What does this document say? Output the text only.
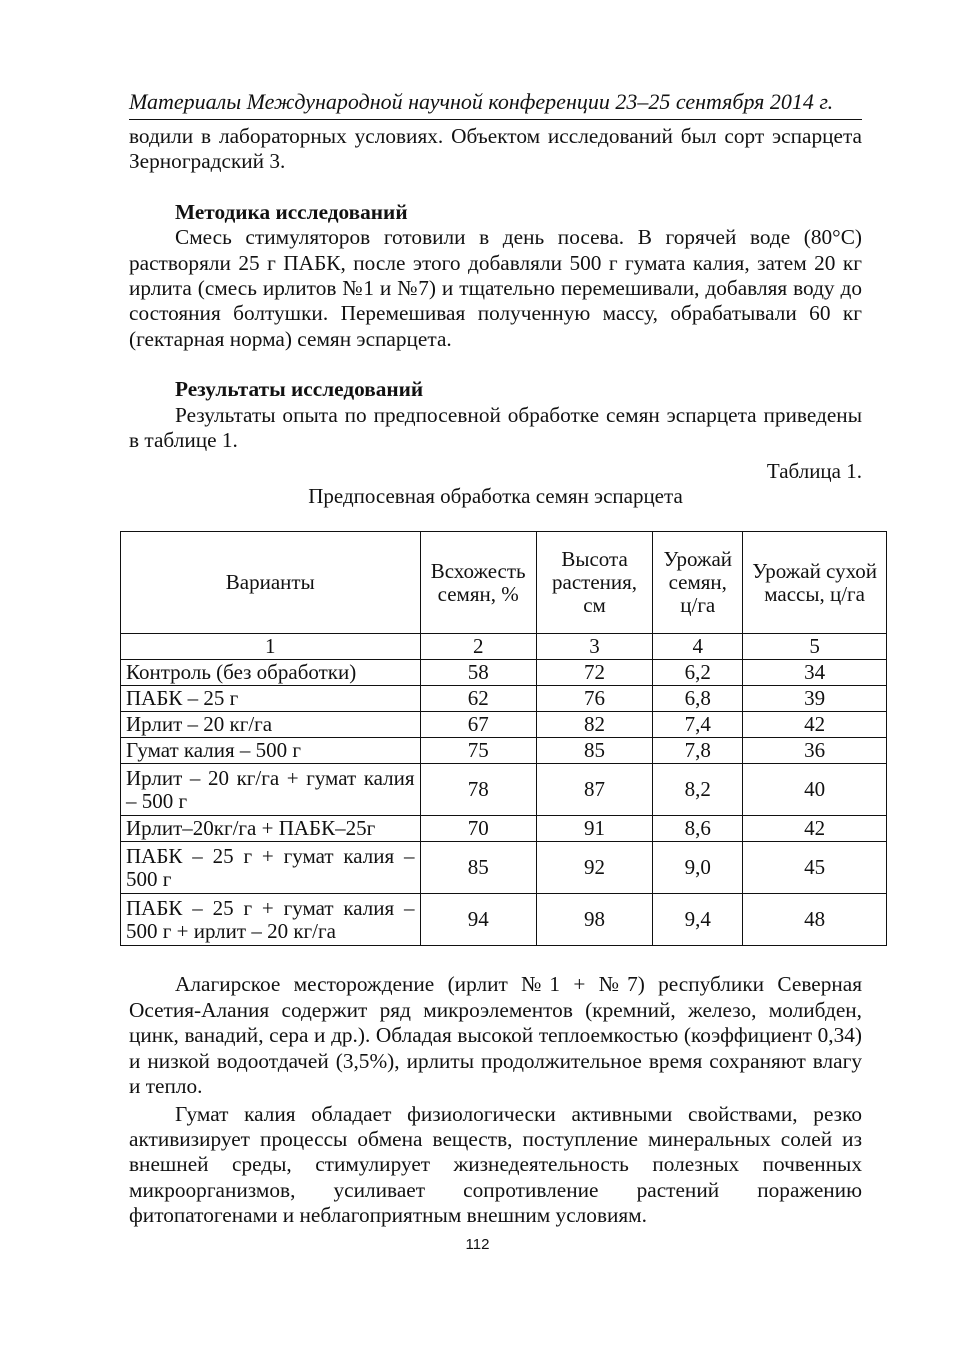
Материалы Международной научной конференции 23–25 сентября 2014 г.

водили в лабораторных условиях. Объектом исследований был сорт эспарцета Зерноградский 3.

Методика исследований

Смесь стимуляторов готовили в день посева. В горячей воде (80°С) растворяли 25 г ПАБК, после этого добавляли 500 г гумата калия, затем 20 кг ирлита (смесь ирлитов №1 и №7) и тщательно перемешивали, добавляя воду до состояния болтушки. Перемешивая полученную массу, обрабатывали 60 кг (гектарная норма) семян эспарцета.

Результаты исследований

Результаты опыта по предпосевной обработке семян эспарцета приведены в таблице 1.

Таблица 1.

Предпосевная обработка семян эспарцета

Варианты	Всхожесть семян, %	Высота растения, см	Урожай семян, ц/га	Урожай сухой массы, ц/га
1	2	3	4	5
Контроль (без обработки)	58	72	6,2	34
ПАБК – 25 г	62	76	6,8	39
Ирлит – 20 кг/га	67	82	7,4	42
Гумат калия – 500 г	75	85	7,8	36
Ирлит – 20 кг/га + гумат калия – 500 г	78	87	8,2	40
Ирлит–20кг/га + ПАБК–25г	70	91	8,6	42
ПАБК – 25 г + гумат калия – 500 г	85	92	9,0	45
ПАБК – 25 г + гумат калия – 500 г + ирлит – 20 кг/га	94	98	9,4	48

Алагирское месторождение (ирлит №1 + №7) республики Северная Осетия-Алания содержит ряд микроэлементов (кремний, железо, молибден, цинк, ванадий, сера и др.). Обладая высокой теплоемкостью (коэффициент 0,34) и низкой водоотдачей (3,5%), ирлиты продолжительное время сохраняют влагу и тепло.

Гумат калия обладает физиологически активными свойствами, резко активизирует процессы обмена веществ, поступление минеральных солей из внешней среды, стимулирует жизнедеятельность полезных почвенных микроорганизмов, усиливает сопротивление растений поражению фитопатогенами и неблагоприятным внешним условиям.

112
